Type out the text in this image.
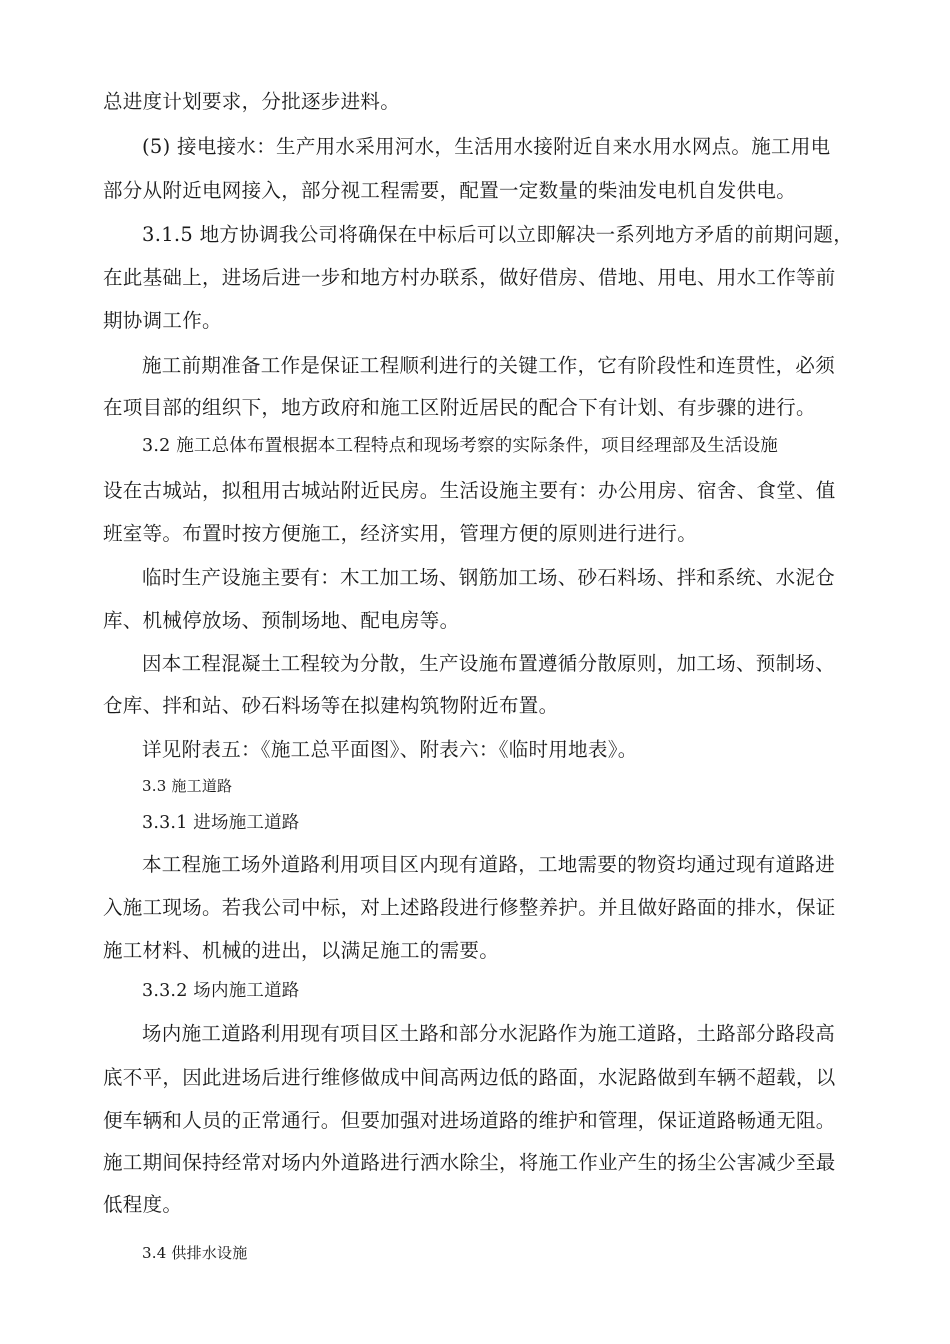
总进度计划要求，分批逐步进料。
(5) 接电接水：生产用水采用河水，生活用水接附近自来水用水网点。施工用电
部分从附近电网接入，部分视工程需要，配置一定数量的柴油发电机自发供电。
3.1.5 地方协调我公司将确保在中标后可以立即解决一系列地方矛盾的前期问题，
在此基础上，进场后进一步和地方村办联系，做好借房、借地、用电、用水工作等前
期协调工作。
施工前期准备工作是保证工程顺利进行的关键工作，它有阶段性和连贯性，必须
在项目部的组织下，地方政府和施工区附近居民的配合下有计划、有步骤的进行。
3.2 施工总体布置根据本工程特点和现场考察的实际条件，项目经理部及生活设施
设在古城站，拟租用古城站附近民房。生活设施主要有：办公用房、宿舍、食堂、值
班室等。布置时按方便施工，经济实用，管理方便的原则进行进行。
临时生产设施主要有：木工加工场、钢筋加工场、砂石料场、拌和系统、水泥仓
库、机械停放场、预制场地、配电房等。
因本工程混凝土工程较为分散，生产设施布置遵循分散原则，加工场、预制场、
仓库、拌和站、砂石料场等在拟建构筑物附近布置。
详见附表五：《施工总平面图》、附表六：《临时用地表》。
3.3 施工道路
3.3.1 进场施工道路
本工程施工场外道路利用项目区内现有道路，工地需要的物资均通过现有道路进
入施工现场。若我公司中标，对上述路段进行修整养护。并且做好路面的排水，保证
施工材料、机械的进出，以满足施工的需要。
3.3.2 场内施工道路
场内施工道路利用现有项目区土路和部分水泥路作为施工道路，土路部分路段高
底不平，因此进场后进行维修做成中间高两边低的路面，水泥路做到车辆不超载，以
便车辆和人员的正常通行。但要加强对进场道路的维护和管理，保证道路畅通无阻。
施工期间保持经常对场内外道路进行洒水除尘，将施工作业产生的扬尘公害减少至最
低程度。
3.4 供排水设施
